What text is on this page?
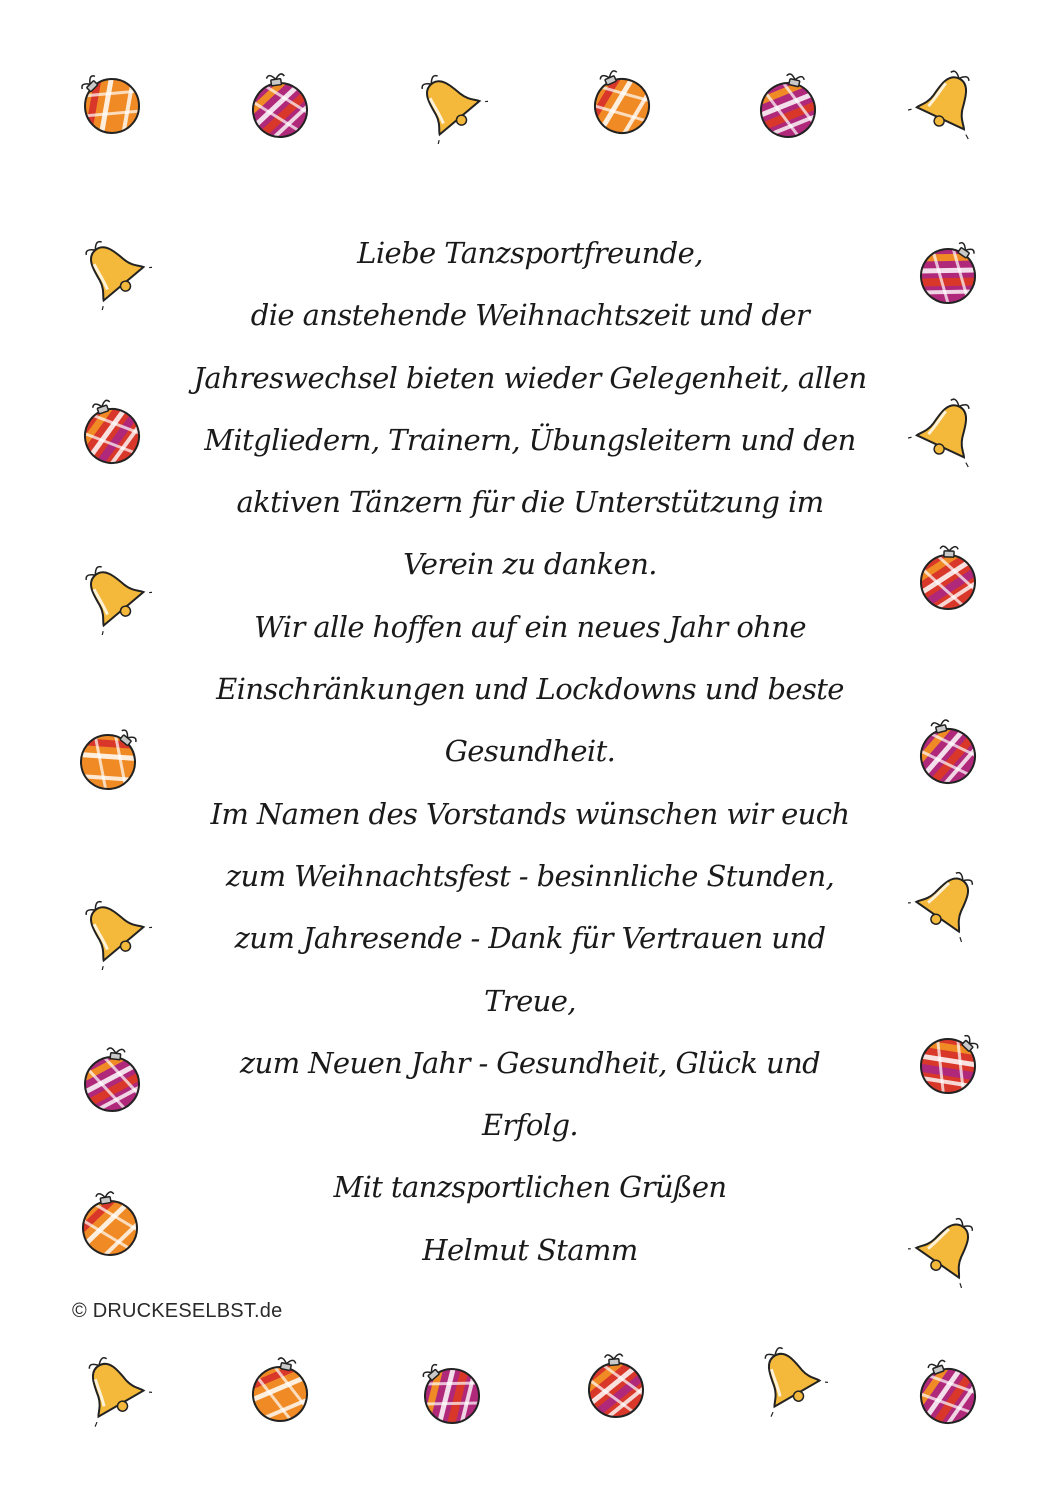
Liebe Tanzsportfreunde,
die anstehende Weihnachtszeit und der
Jahreswechsel bieten wieder Gelegenheit, allen
Mitgliedern, Trainern, Übungsleitern und den
aktiven Tänzern für die Unterstützung im
Verein zu danken.
Wir alle hoffen auf ein neues Jahr ohne
Einschränkungen und Lockdowns und beste
Gesundheit.
Im Namen des Vorstands wünschen wir euch
zum Weihnachtsfest - besinnliche Stunden,
zum Jahresende - Dank für Vertrauen und
Treue,
zum Neuen Jahr - Gesundheit, Glück und
Erfolg.
Mit tanzsportlichen Grüßen
Helmut Stamm
© DRUCKESELBST.de
